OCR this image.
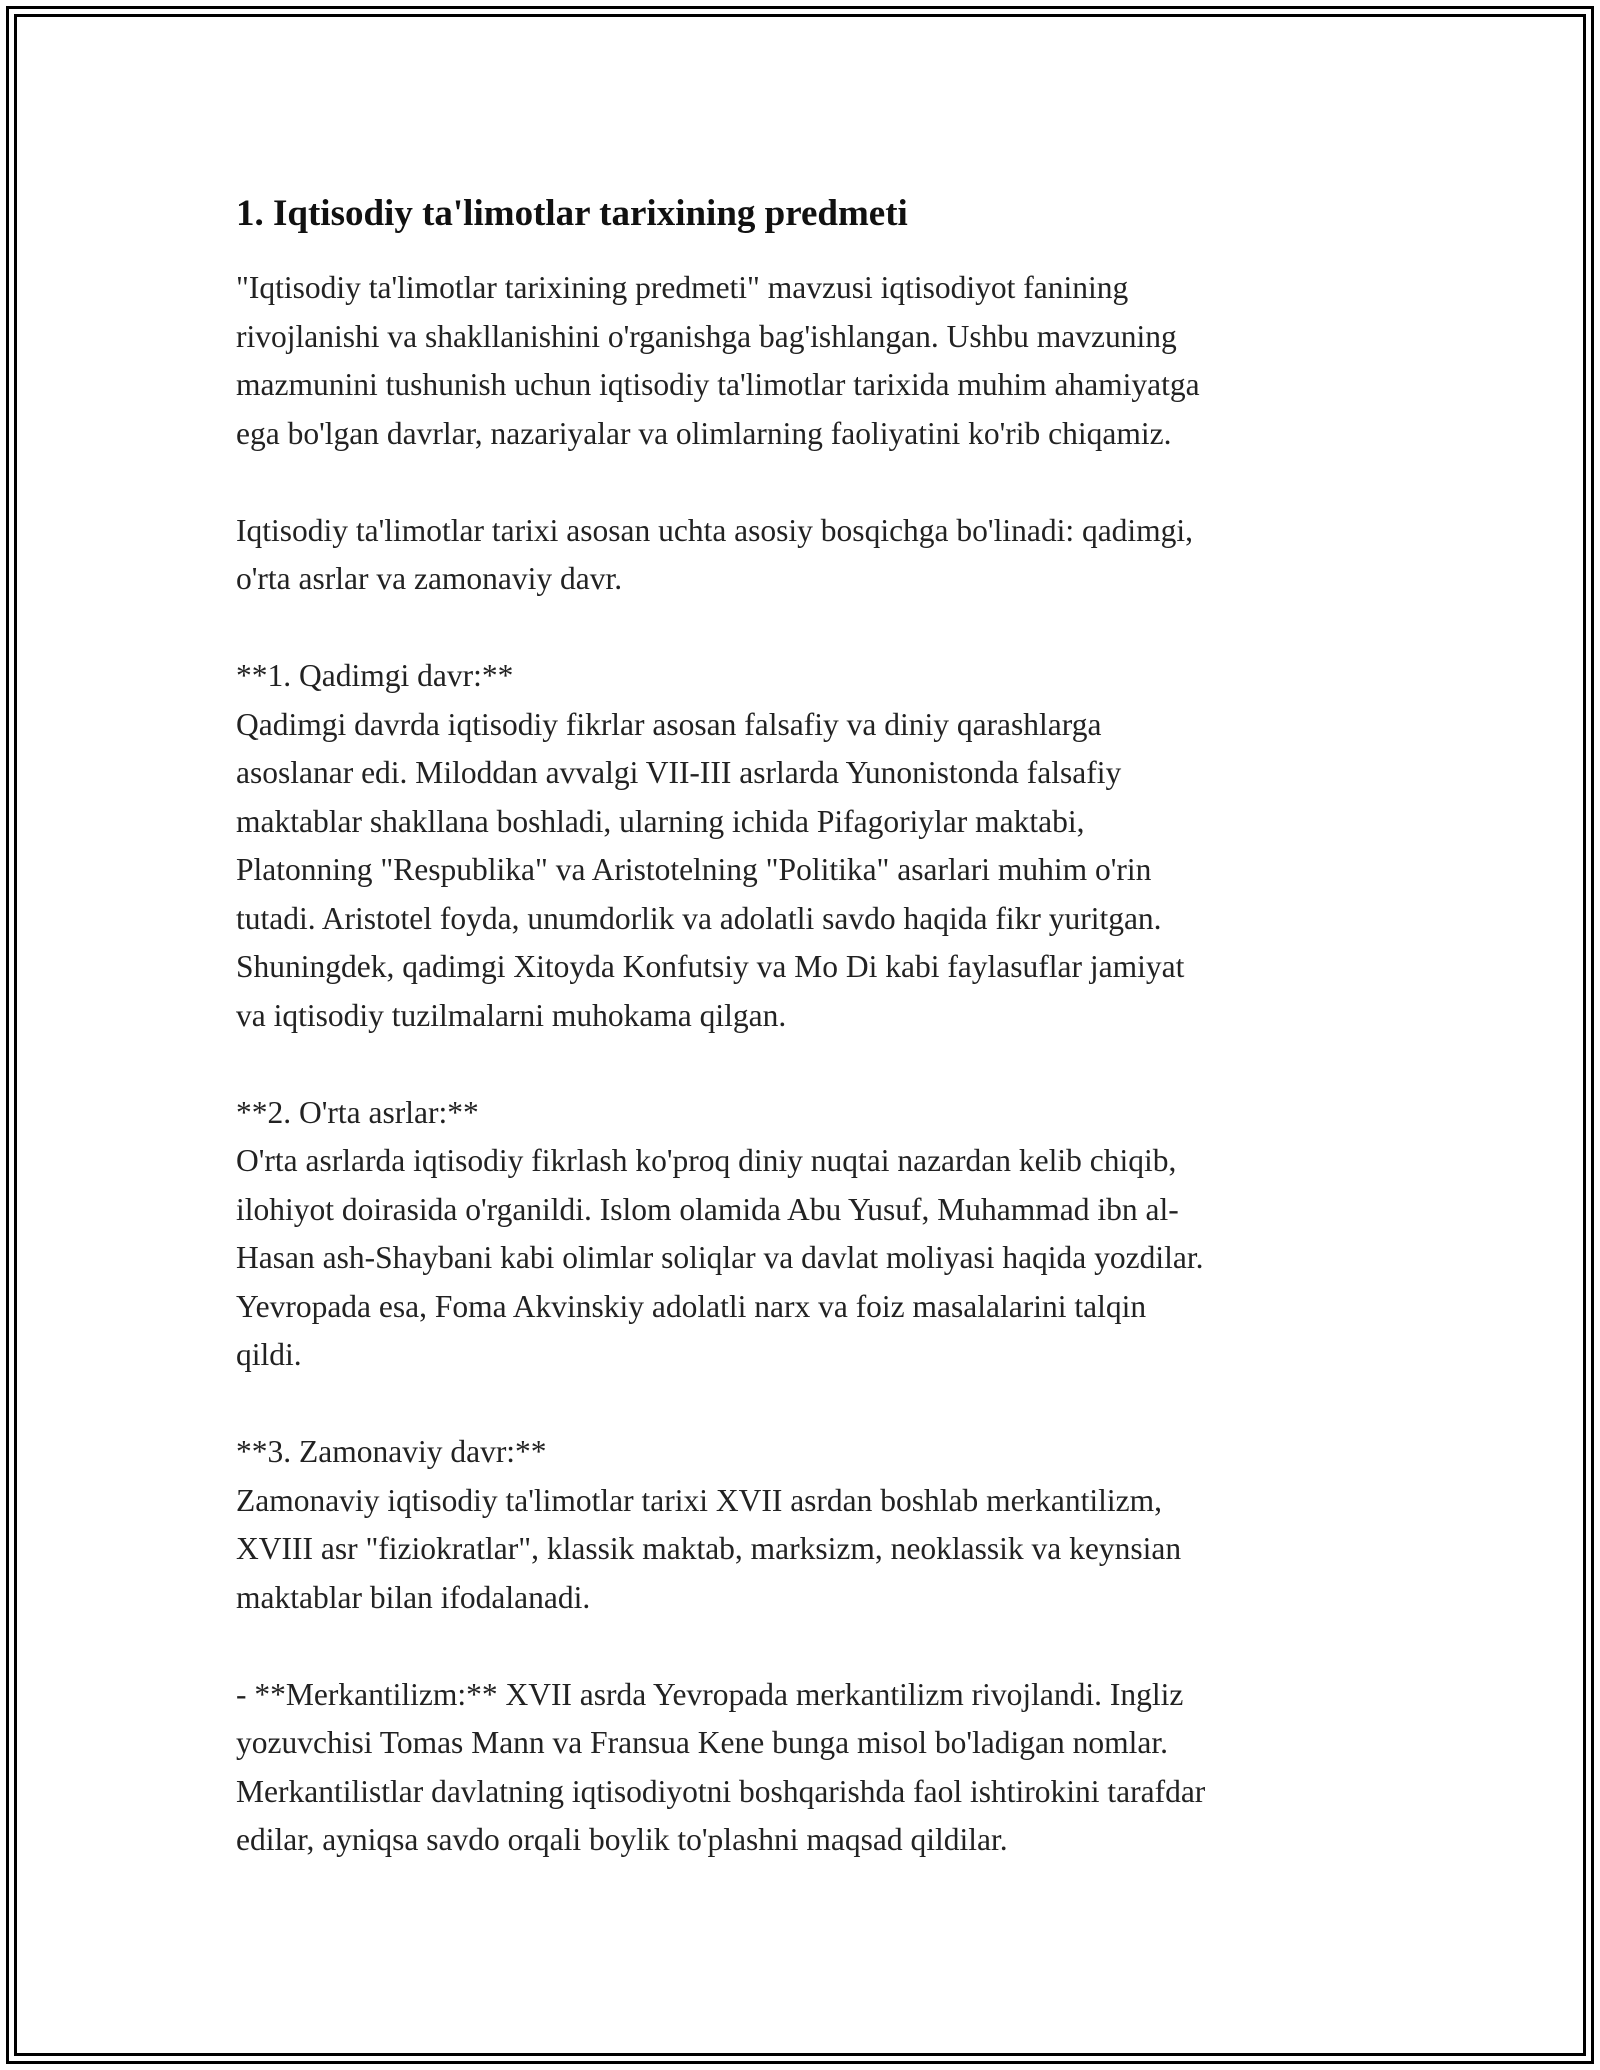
1. Iqtisodiy ta'limotlar tarixining predmeti

"Iqtisodiy ta'limotlar tarixining predmeti" mavzusi iqtisodiyot fanining
rivojlanishi va shakllanishini o'rganishga bag'ishlangan. Ushbu mavzuning
mazmunini tushunish uchun iqtisodiy ta'limotlar tarixida muhim ahamiyatga
ega bo'lgan davrlar, nazariyalar va olimlarning faoliyatini ko'rib chiqamiz.

Iqtisodiy ta'limotlar tarixi asosan uchta asosiy bosqichga bo'linadi: qadimgi,
o'rta asrlar va zamonaviy davr.

**1. Qadimgi davr:**
Qadimgi davrda iqtisodiy fikrlar asosan falsafiy va diniy qarashlarga
asoslanar edi. Miloddan avvalgi VII-III asrlarda Yunonistonda falsafiy
maktablar shakllana boshladi, ularning ichida Pifagoriylar maktabi,
Platonning "Respublika" va Aristotelning "Politika" asarlari muhim o'rin
tutadi. Aristotel foyda, unumdorlik va adolatli savdo haqida fikr yuritgan.
Shuningdek, qadimgi Xitoyda Konfutsiy va Mo Di kabi faylasuflar jamiyat
va iqtisodiy tuzilmalarni muhokama qilgan.

**2. O'rta asrlar:**
O'rta asrlarda iqtisodiy fikrlash ko'proq diniy nuqtai nazardan kelib chiqib,
ilohiyot doirasida o'rganildi. Islom olamida Abu Yusuf, Muhammad ibn al-
Hasan ash-Shaybani kabi olimlar soliqlar va davlat moliyasi haqida yozdilar.
Yevropada esa, Foma Akvinskiy adolatli narx va foiz masalalarini talqin
qildi.

**3. Zamonaviy davr:**
Zamonaviy iqtisodiy ta'limotlar tarixi XVII asrdan boshlab merkantilizm,
XVIII asr "fiziokratlar", klassik maktab, marksizm, neoklassik va keynsian
maktablar bilan ifodalanadi.

- **Merkantilizm:** XVII asrda Yevropada merkantilizm rivojlandi. Ingliz
yozuvchisi Tomas Mann va Fransua Kene bunga misol bo'ladigan nomlar.
Merkantilistlar davlatning iqtisodiyotni boshqarishda faol ishtirokini tarafdar
edilar, ayniqsa savdo orqali boylik to'plashni maqsad qildilar.
